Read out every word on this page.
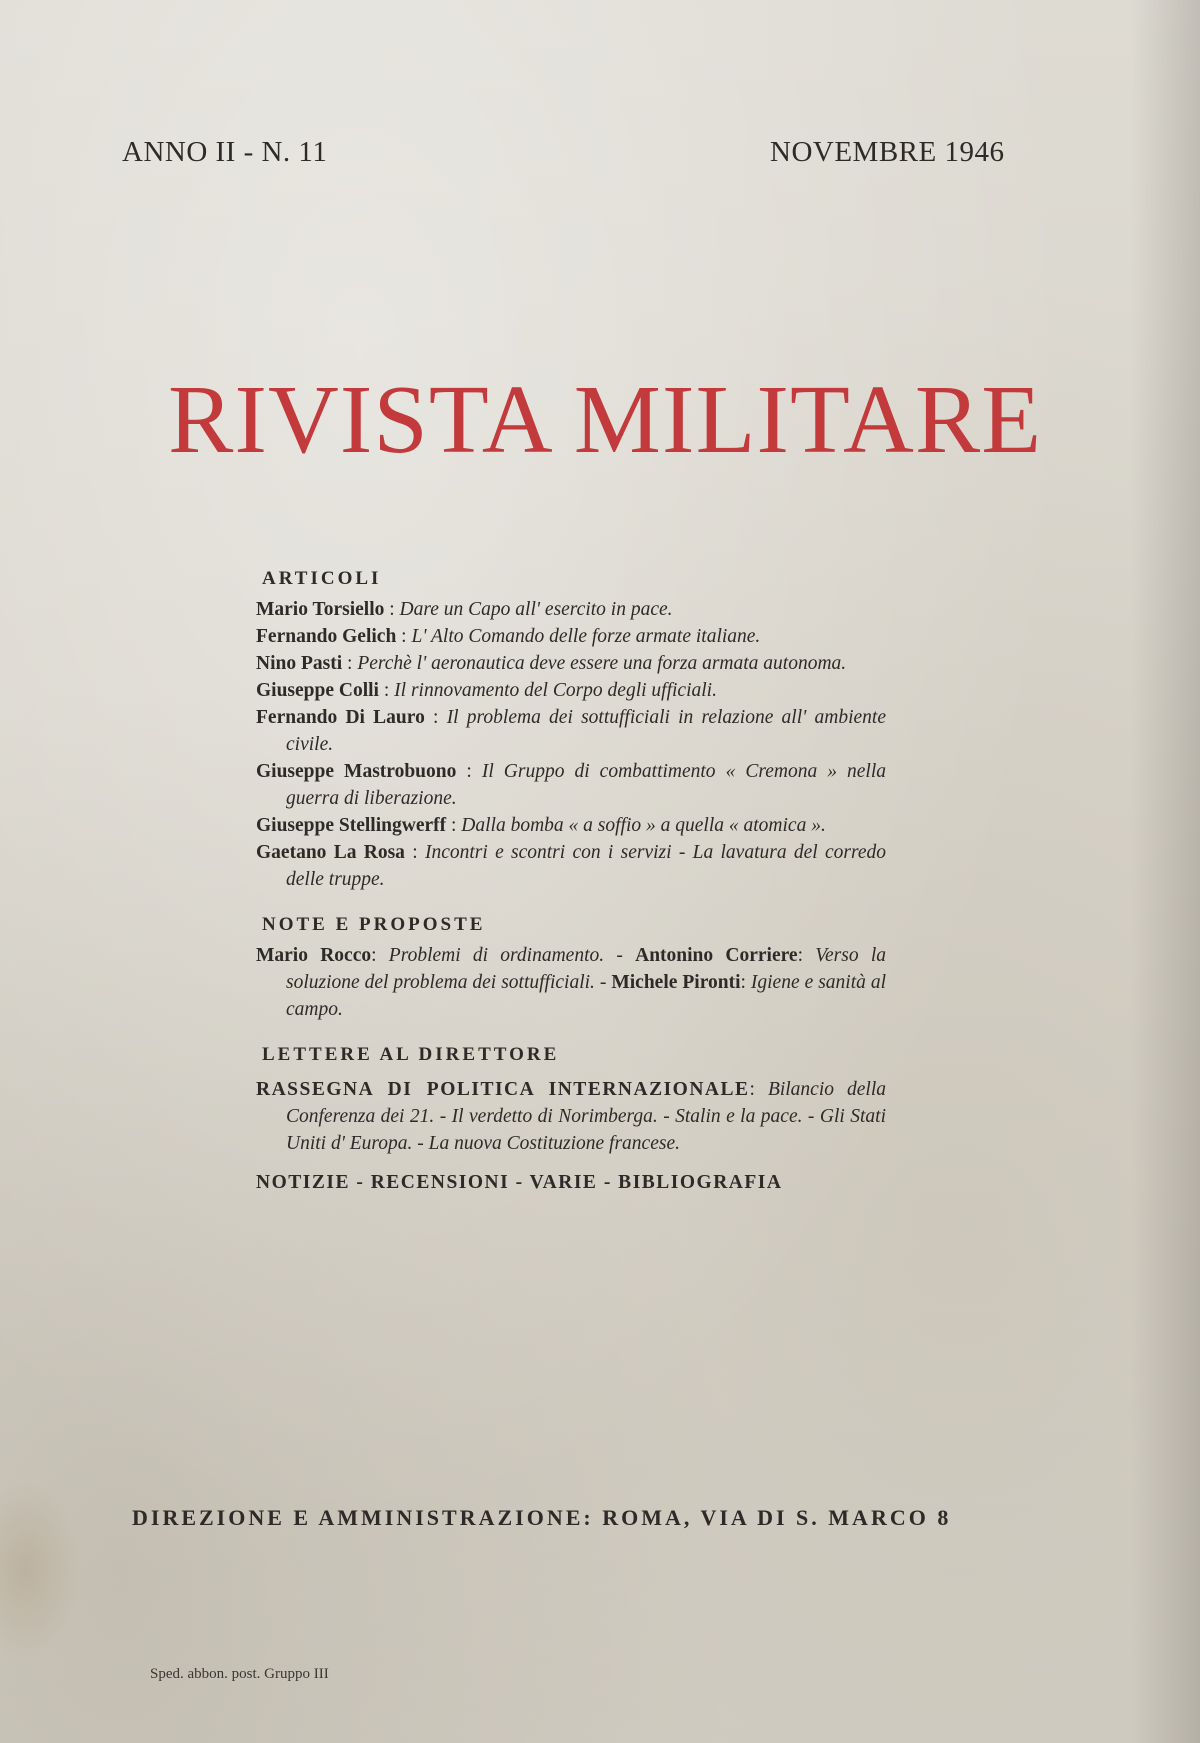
ANNO II - N. 11	NOVEMBRE 1946
RIVISTA MILITARE
ARTICOLI
Mario Torsiello : Dare un Capo all' esercito in pace.
Fernando Gelich : L' Alto Comando delle forze armate italiane.
Nino Pasti : Perchè l' aeronautica deve essere una forza armata autonoma.
Giuseppe Colli : Il rinnovamento del Corpo degli ufficiali.
Fernando Di Lauro : Il problema dei sottufficiali in relazione all' ambiente civile.
Giuseppe Mastrobuono : Il Gruppo di combattimento « Cremona » nella guerra di liberazione.
Giuseppe Stellingwerff : Dalla bomba « a soffio » a quella « atomica ».
Gaetano La Rosa : Incontri e scontri con i servizi - La lavatura del corredo delle truppe.
NOTE E PROPOSTE
Mario Rocco: Problemi di ordinamento. - Antonino Corriere: Verso la soluzione del problema dei sottufficiali. - Michele Pironti: Igiene e sanità al campo.
LETTERE AL DIRETTORE
RASSEGNA DI POLITICA INTERNAZIONALE: Bilancio della Conferenza dei 21. - Il verdetto di Norimberga. - Stalin e la pace. - Gli Stati Uniti d' Europa. - La nuova Costituzione francese.
NOTIZIE - RECENSIONI - VARIE - BIBLIOGRAFIA
DIREZIONE E AMMINISTRAZIONE: ROMA, VIA DI S. MARCO 8
Sped. abbon. post. Gruppo III
